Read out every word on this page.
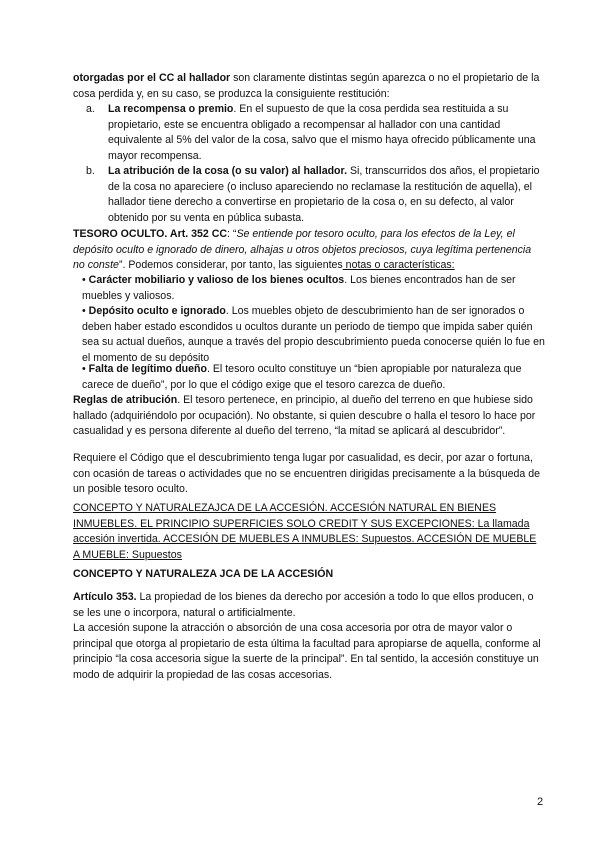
otorgadas por el CC al hallador son claramente distintas según aparezca o no el propietario de la cosa perdida y, en su caso, se produzca la consiguiente restitución:

a.	La recompensa o premio. En el supuesto de que la cosa perdida sea restituida a su propietario, este se encuentra obligado a recompensar al hallador con una cantidad equivalente al 5% del valor de la cosa, salvo que el mismo haya ofrecido públicamente una mayor recompensa.

b.	La atribución de la cosa (o su valor) al hallador. Si, transcurridos dos años, el propietario de la cosa no apareciere (o incluso apareciendo no reclamase la restitución de aquella), el hallador tiene derecho a convertirse en propietario de la cosa o, en su defecto, al valor obtenido por su venta en pública subasta.

TESORO OCULTO. Art. 352 CC: “Se entiende por tesoro oculto, para los efectos de la Ley, el depósito oculto e ignorado de dinero, alhajas u otros objetos preciosos, cuya legítima pertenencia no conste”. Podemos considerar, por tanto, las siguientes notas o características:

• Carácter mobiliario y valioso de los bienes ocultos. Los bienes encontrados han de ser muebles y valiosos.

• Depósito oculto e ignorado. Los muebles objeto de descubrimiento han de ser ignorados o deben haber estado escondidos u ocultos durante un periodo de tiempo que impida saber quién sea su actual dueños, aunque a través del propio descubrimiento pueda conocerse quién lo fue en el momento de su depósito

• Falta de legítimo dueño. El tesoro oculto constituye un “bien apropiable por naturaleza que carece de dueño”, por lo que el código exige que el tesoro carezca de dueño.

Reglas de atribución. El tesoro pertenece, en principio, al dueño del terreno en que hubiese sido hallado (adquiriéndolo por ocupación). No obstante, si quien descubre o halla el tesoro lo hace por casualidad y es persona diferente al dueño del terreno, “la mitad se aplicará al descubridor”.

Requiere el Código que el descubrimiento tenga lugar por casualidad, es decir, por azar o fortuna, con ocasión de tareas o actividades que no se encuentren dirigidas precisamente a la búsqueda de un posible tesoro oculto.

CONCEPTO Y NATURALEZAJCA DE LA ACCESIÓN. ACCESIÓN NATURAL EN BIENES INMUEBLES. EL PRINCIPIO SUPERFICIES SOLO CREDIT Y SUS EXCEPCIONES: La llamada accesión invertida. ACCESIÓN DE MUEBLES A INMUBLES: Supuestos. ACCESIÓN DE MUEBLE A MUEBLE: Supuestos

CONCEPTO Y NATURALEZA JCA DE LA ACCESIÓN

Artículo 353. La propiedad de los bienes da derecho por accesión a todo lo que ellos producen, o se les une o incorpora, natural o artificialmente.

La accesión supone la atracción o absorción de una cosa accesoria por otra de mayor valor o principal que otorga al propietario de esta última la facultad para apropiarse de aquella, conforme al principio “la cosa accesoria sigue la suerte de la principal”. En tal sentido, la accesión constituye un modo de adquirir la propiedad de las cosas accesorias.

2
